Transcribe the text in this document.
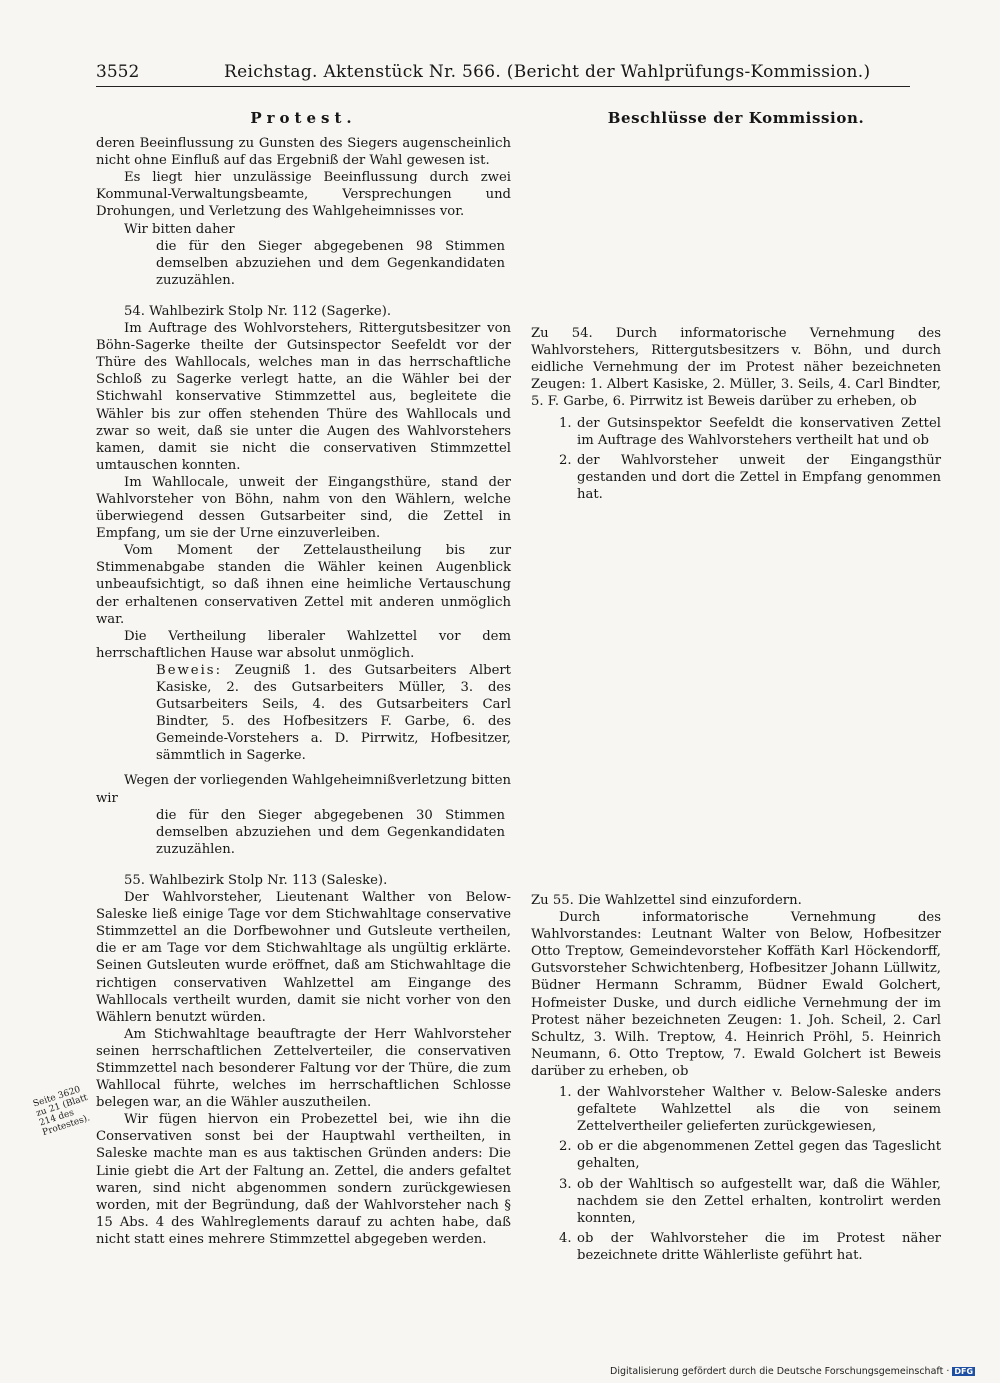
3552	Reichstag. Aktenstück Nr. 566. (Bericht der Wahlprüfungs-Kommission.)
Protest.

deren Beeinflussung zu Gunsten des Siegers augenscheinlich nicht ohne Einfluß auf das Ergebniß der Wahl gewesen ist.

Es liegt hier unzulässige Beeinflussung durch zwei Kommunal-Verwaltungsbeamte, Versprechungen und Drohungen, und Verletzung des Wahlgeheimnisses vor.

Wir bitten daher

die für den Sieger abgegebenen 98 Stimmen demselben abzuziehen und dem Gegenkandidaten zuzuzählen.

54. Wahlbezirk Stolp Nr. 112 (Sagerke).

Im Auftrage des Wohlvorstehers, Rittergutsbesitzer von Böhn-Sagerke theilte der Gutsinspector Seefeldt vor der Thüre des Wahllocals, welches man in das herrschaftliche Schloß zu Sagerke verlegt hatte, an die Wähler bei der Stichwahl konservative Stimmzettel aus, begleitete die Wähler bis zur offen stehenden Thüre des Wahllocals und zwar so weit, daß sie unter die Augen des Wahlvorstehers kamen, damit sie nicht die conservativen Stimmzettel umtauschen konnten.

Im Wahllocale, unweit der Eingangsthüre, stand der Wahlvorsteher von Böhn, nahm von den Wählern, welche überwiegend dessen Gutsarbeiter sind, die Zettel in Empfang, um sie der Urne einzuverleiben.

Vom Moment der Zettelaustheilung bis zur Stimmenabgabe standen die Wähler keinen Augenblick unbeaufsichtigt, so daß ihnen eine heimliche Vertauschung der erhaltenen conservativen Zettel mit anderen unmöglich war.

Die Vertheilung liberaler Wahlzettel vor dem herrschaftlichen Hause war absolut unmöglich.

Beweis: Zeugniß 1. des Gutsarbeiters Albert Kasiske, 2. des Gutsarbeiters Müller, 3. des Gutsarbeiters Seils, 4. des Gutsarbeiters Carl Bindter, 5. des Hofbesitzers F. Garbe, 6. des Gemeinde-Vorstehers a. D. Pirrwitz, Hofbesitzer, sämmtlich in Sagerke.

Wegen der vorliegenden Wahlgeheimnißverletzung bitten wir

die für den Sieger abgegebenen 30 Stimmen demselben abzuziehen und dem Gegenkandidaten zuzuzählen.

55. Wahlbezirk Stolp Nr. 113 (Saleske).

Der Wahlvorsteher, Lieutenant Walther von Below-Saleske ließ einige Tage vor dem Stichwahltage conservative Stimmzettel an die Dorfbewohner und Gutsleute vertheilen, die er am Tage vor dem Stichwahltage als ungültig erklärte. Seinen Gutsleuten wurde eröffnet, daß am Stichwahltage die richtigen conservativen Wahlzettel am Eingange des Wahllocals vertheilt wurden, damit sie nicht vorher von den Wählern benutzt würden.

Am Stichwahltage beauftragte der Herr Wahlvorsteher seinen herrschaftlichen Zettelverteiler, die conservativen Stimmzettel nach besonderer Faltung vor der Thüre, die zum Wahllocal führte, welches im herrschaftlichen Schlosse belegen war, an die Wähler auszutheilen.

Wir fügen hiervon ein Probezettel bei, wie ihn die Conservativen sonst bei der Hauptwahl vertheilten, in Saleske machte man es aus taktischen Gründen anders: Die Linie giebt die Art der Faltung an. Zettel, die anders gefaltet waren, sind nicht abgenommen sondern zurückgewiesen worden, mit der Begründung, daß der Wahlvorsteher nach § 15 Abs. 4 des Wahlreglements darauf zu achten habe, daß nicht statt eines mehrere Stimmzettel abgegeben werden.

Seite 3620 zu 21 (Blatt 214 des Protestes).
Beschlüsse der Kommission.

Zu 54. Durch informatorische Vernehmung des Wahlvorstehers, Rittergutsbesitzers v. Böhn, und durch eidliche Vernehmung der im Protest näher bezeichneten Zeugen: 1. Albert Kasiske, 2. Müller, 3. Seils, 4. Carl Bindter, 5. F. Garbe, 6. Pirrwitz ist Beweis darüber zu erheben, ob

1. der Gutsinspektor Seefeldt die konservativen Zettel im Auftrage des Wahlvorstehers vertheilt hat und ob
2. der Wahlvorsteher unweit der Eingangsthür gestanden und dort die Zettel in Empfang genommen hat.

Zu 55. Die Wahlzettel sind einzufordern.

Durch informatorische Vernehmung des Wahlvorstandes: Leutnant Walter von Below, Hofbesitzer Otto Treptow, Gemeindevorsteher Koffäth Karl Höckendorff, Gutsvorsteher Schwichtenberg, Hofbesitzer Johann Lüllwitz, Büdner Hermann Schramm, Büdner Ewald Golchert, Hofmeister Duske, und durch eidliche Vernehmung der im Protest näher bezeichneten Zeugen: 1. Joh. Scheil, 2. Carl Schultz, 3. Wilh. Treptow, 4. Heinrich Pröhl, 5. Heinrich Neumann, 6. Otto Treptow, 7. Ewald Golchert ist Beweis darüber zu erheben, ob

1. der Wahlvorsteher Walther v. Below-Saleske anders gefaltete Wahlzettel als die von seinem Zettelvertheiler gelieferten zurückgewiesen,
2. ob er die abgenommenen Zettel gegen das Tageslicht gehalten,
3. ob der Wahltisch so aufgestellt war, daß die Wähler, nachdem sie den Zettel erhalten, kontrolirt werden konnten,
4. ob der Wahlvorsteher die im Protest näher bezeichnete dritte Wählerliste geführt hat.
Digitalisierung gefördert durch die Deutsche Forschungsgemeinschaft · DFG
